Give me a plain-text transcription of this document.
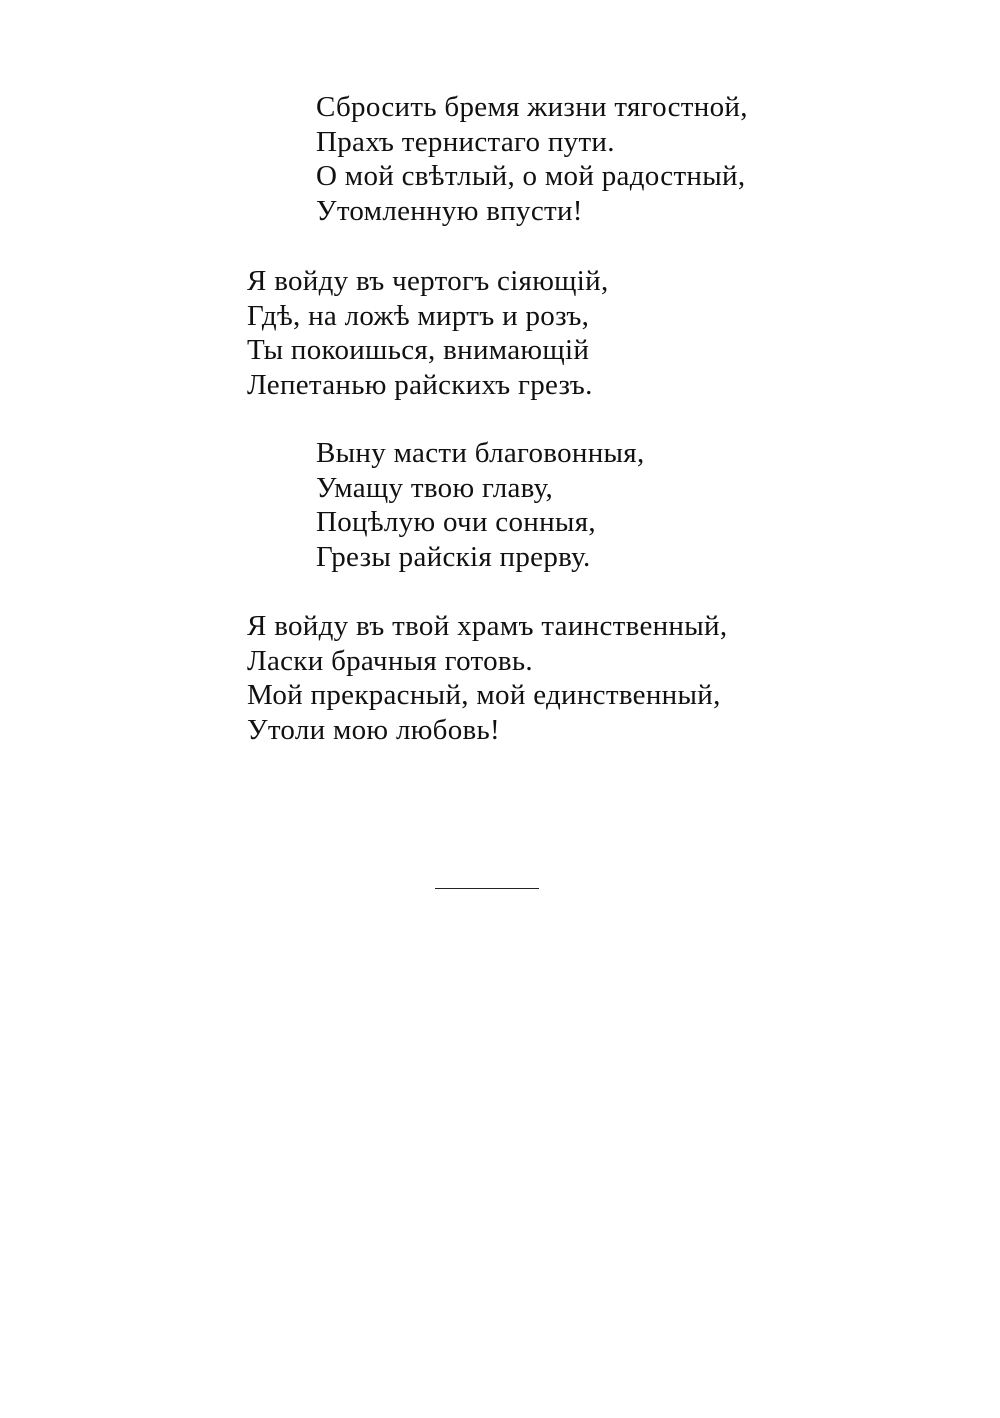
Сбросить бремя жизни тягостной,
Прахъ тернистаго пути.
О мой свѣтлый, о мой радостный,
Утомленную впусти!
Я войду въ чертогъ сіяющій,
Гдѣ, на ложѣ миртъ и розъ,
Ты покоишься, внимающій
Лепетанью райскихъ грезъ.
Выну масти благовонныя,
Умащу твою главу,
Поцѣлую очи сонныя,
Грезы райскія прерву.
Я войду въ твой храмъ таинственный,
Ласки брачныя готовь.
Мой прекрасный, мой единственный,
Утоли мою любовь!
